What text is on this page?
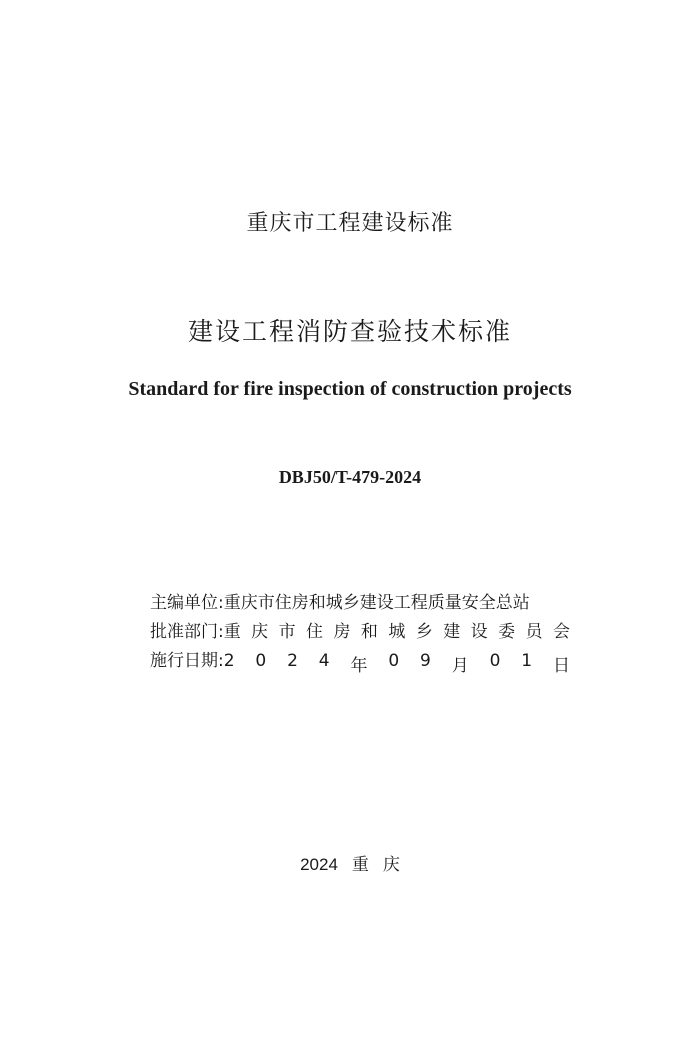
重庆市工程建设标准
建设工程消防查验技术标准
Standard for fire inspection of construction projects
DBJ50/T-479-2024
主编单位: 重庆市住房和城乡建设工程质量安全总站
批准部门: 重 庆 市 住 房 和 城 乡 建 设 委 员 会
施行日期: 2 0 2 4 年 0 9 月 0 1 日
2024 重 庆
